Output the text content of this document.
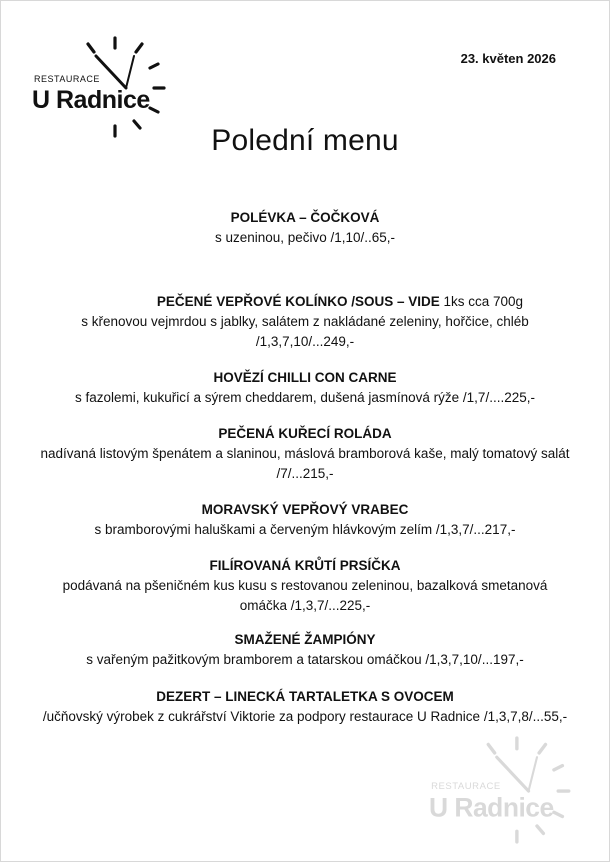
RESTAURACE
U Radnice
23. květen 2026
Polední menu
POLÉVKA – ČOČKOVÁ
s uzeninou, pečivo /1,10/..65,-
PEČENÉ VEPŘOVÉ KOLÍNKO /SOUS – VIDE 1ks cca 700g
s křenovou vejmrdou s jablky, salátem z nakládané zeleniny, hořčice, chléb /1,3,7,10/...249,-
HOVĚZÍ CHILLI CON CARNE
s fazolemi, kukuřicí a sýrem cheddarem, dušená jasmínová rýže /1,7/....225,-
PEČENÁ KUŘECÍ ROLÁDA
nadívaná listovým špenátem a slaninou, máslová bramborová kaše, malý tomatový salát /7/...215,-
MORAVSKÝ VEPŘOVÝ VRABEC
s bramborovými haluškami a červeným hlávkovým zelím /1,3,7/...217,-
FILÍROVANÁ KRŮTÍ PRSÍČKA
podávaná na pšeničném kus kusu s restovanou zeleninou, bazalková smetanová omáčka /1,3,7/...225,-
SMAŽENÉ ŽAMPIÓNY
s vařeným pažitkovým bramborem a tatarskou omáčkou /1,3,7,10/...197,-
DEZERT – LINECKÁ TARTALETKA S OVOCEM
/učňovský výrobek z cukrářství Viktorie za podpory restaurace U Radnice /1,3,7,8/...55,-
RESTAURACE
U Radnice
